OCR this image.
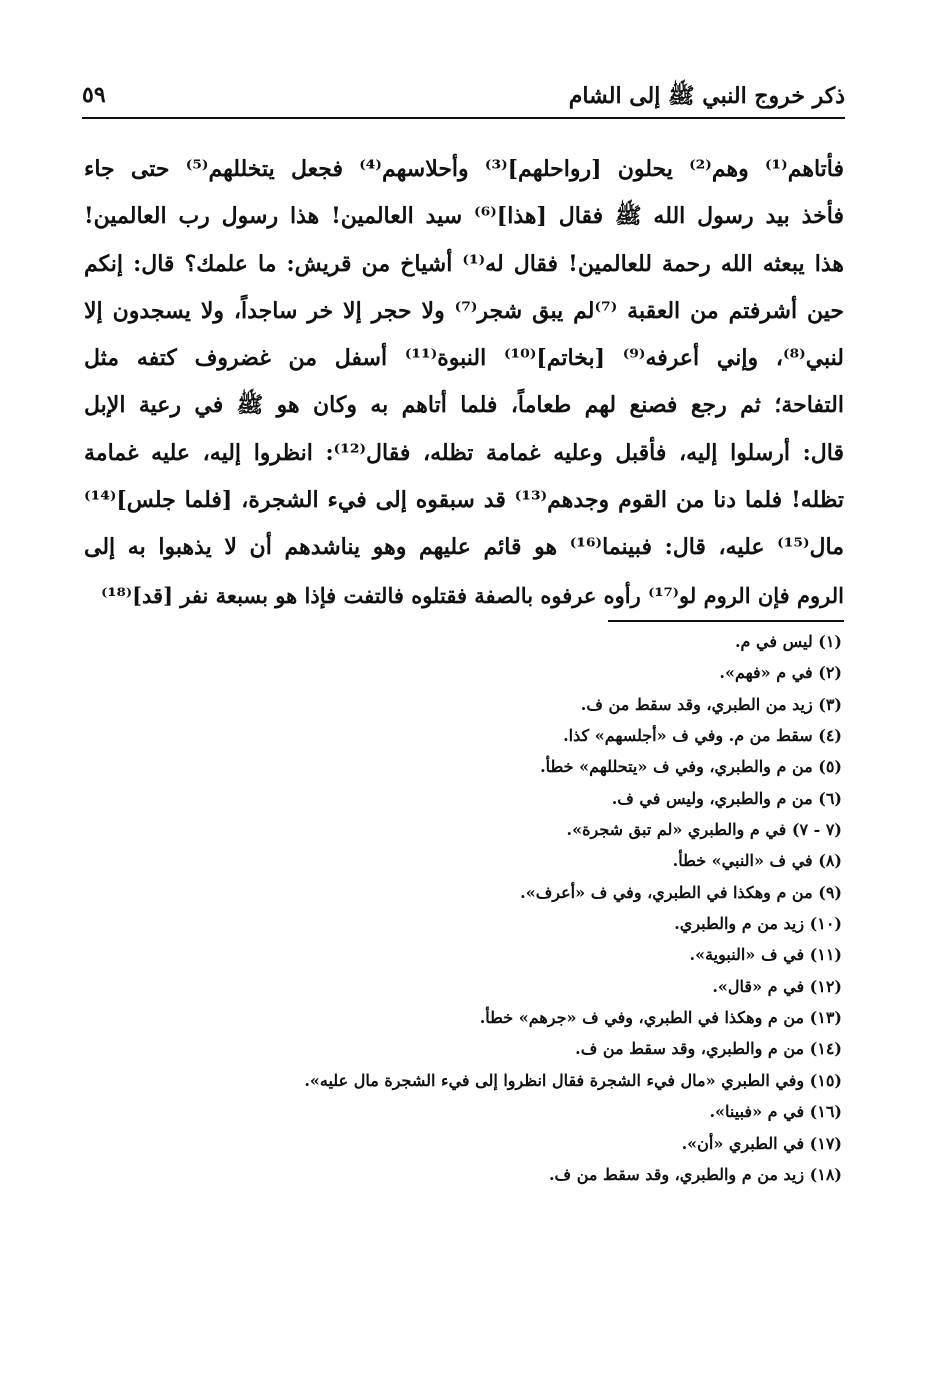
ذكر خروج النبي ﷺ إلى الشام
٥٩
فأتاهم⁽¹⁾ وهم⁽²⁾ يحلون [رواحلهم]⁽³⁾ وأحلاسهم⁽⁴⁾ فجعل يتخللهم⁽⁵⁾ حتى جاء
فأخذ بيد رسول الله ﷺ فقال [هذا]⁽⁶⁾ سيد العالمين! هذا رسول رب العالمين!
هذا يبعثه الله رحمة للعالمين! فقال له⁽¹⁾ أشياخ من قريش: ما علمك؟ قال: إنكم
حين أشرفتم من العقبة ⁽⁷⁾لم يبق شجر⁽⁷⁾ ولا حجر إلا خر ساجداً، ولا يسجدون إلا
لنبي⁽⁸⁾، وإني أعرفه⁽⁹⁾ [بخاتم]⁽¹⁰⁾ النبوة⁽¹¹⁾ أسفل من غضروف كتفه مثل
التفاحة؛ ثم رجع فصنع لهم طعاماً، فلما أتاهم به وكان هو ﷺ في رعية الإبل
قال: أرسلوا إليه، فأقبل وعليه غمامة تظله، فقال⁽¹²⁾: انظروا إليه، عليه غمامة
تظله! فلما دنا من القوم وجدهم⁽¹³⁾ قد سبقوه إلى فيء الشجرة، [فلما جلس]⁽¹⁴⁾
مال⁽¹⁵⁾ عليه، قال: فبينما⁽¹⁶⁾ هو قائم عليهم وهو يناشدهم أن لا يذهبوا به إلى
الروم فإن الروم لو⁽¹⁷⁾ رأوه عرفوه بالصفة فقتلوه فالتفت فإذا هو بسبعة نفر [قد]⁽¹⁸⁾
(١) ليس في م.
(٢) في م «فهم».
(٣) زيد من الطبري، وقد سقط من ف.
(٤) سقط من م. وفي ف «أجلسهم» كذا.
(٥) من م والطبري، وفي ف «يتحللهم» خطأ.
(٦) من م والطبري، وليس في ف.
(٧ - ٧) في م والطبري «لم تبق شجرة».
(٨) في ف «النبي» خطأ.
(٩) من م وهكذا في الطبري، وفي ف «أعرف».
(١٠) زيد من م والطبري.
(١١) في ف «النبوية».
(١٢) في م «قال».
(١٣) من م وهكذا في الطبري، وفي ف «جرهم» خطأ.
(١٤) من م والطبري، وقد سقط من ف.
(١٥) وفي الطبري «مال فيء الشجرة فقال انظروا إلى فيء الشجرة مال عليه».
(١٦) في م «فبينا».
(١٧) في الطبري «أن».
(١٨) زيد من م والطبري، وقد سقط من ف.
